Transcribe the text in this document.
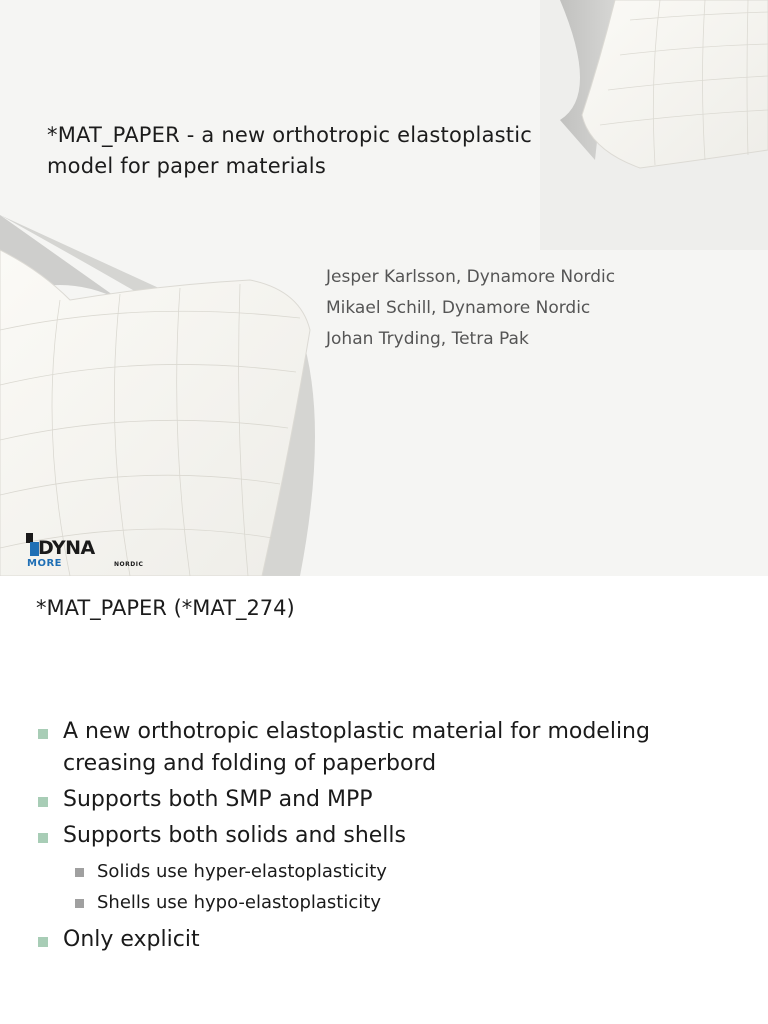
*MAT_PAPER - a new orthotropic elastoplastic
model for paper materials
Jesper Karlsson, Dynamore Nordic
Mikael Schill, Dynamore Nordic
Johan Tryding, Tetra Pak
DYNA
MORE	NORDIC
*MAT_PAPER (*MAT_274)
A new orthotropic elastoplastic material for modeling creasing and folding of paperbord
Supports both SMP and MPP
Supports both solids and shells
Solids use hyper-elastoplasticity
Shells use hypo-elastoplasticity
Only explicit
